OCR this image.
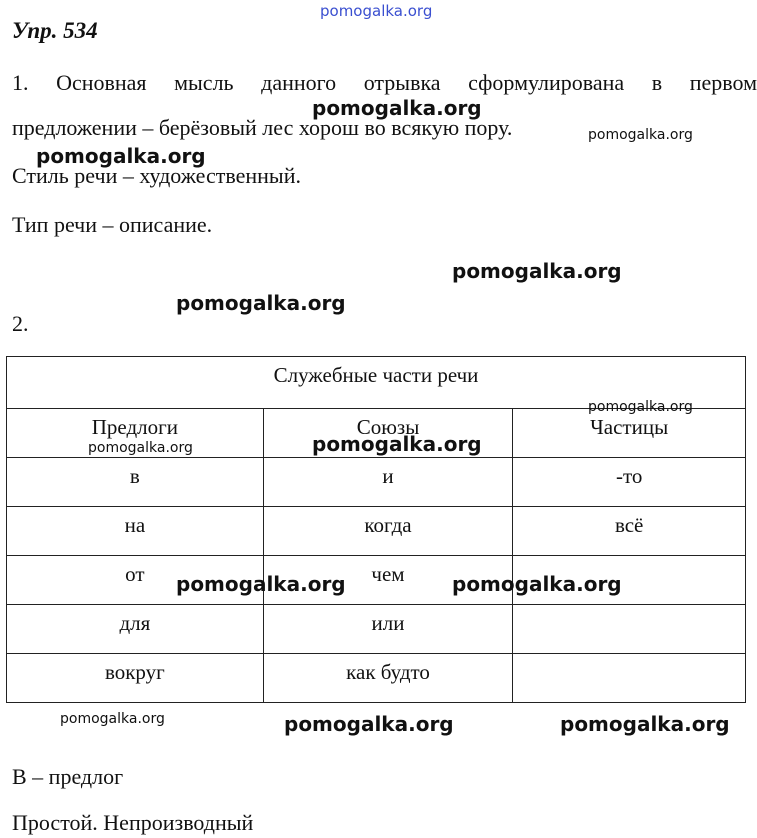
pomogalka.org
Упр. 534
1. Основная мысль данного отрывка сформулирована в первом
предложении – берёзовый лес хорош во всякую пору.
Стиль речи – художественный.
Тип речи – описание.
2.
Служебные части речи		
Предлоги	Союзы	Частицы
в	и	-то
на	когда	всё
от	чем	
для	или	
вокруг	как будто	
В – предлог
Простой. Непроизводный
pomogalka.org
pomogalka.org
pomogalka.org
pomogalka.org
pomogalka.org
pomogalka.org
pomogalka.org	pomogalka.org
pomogalka.org	pomogalka.org
pomogalka.org	pomogalka.org	pomogalka.org
